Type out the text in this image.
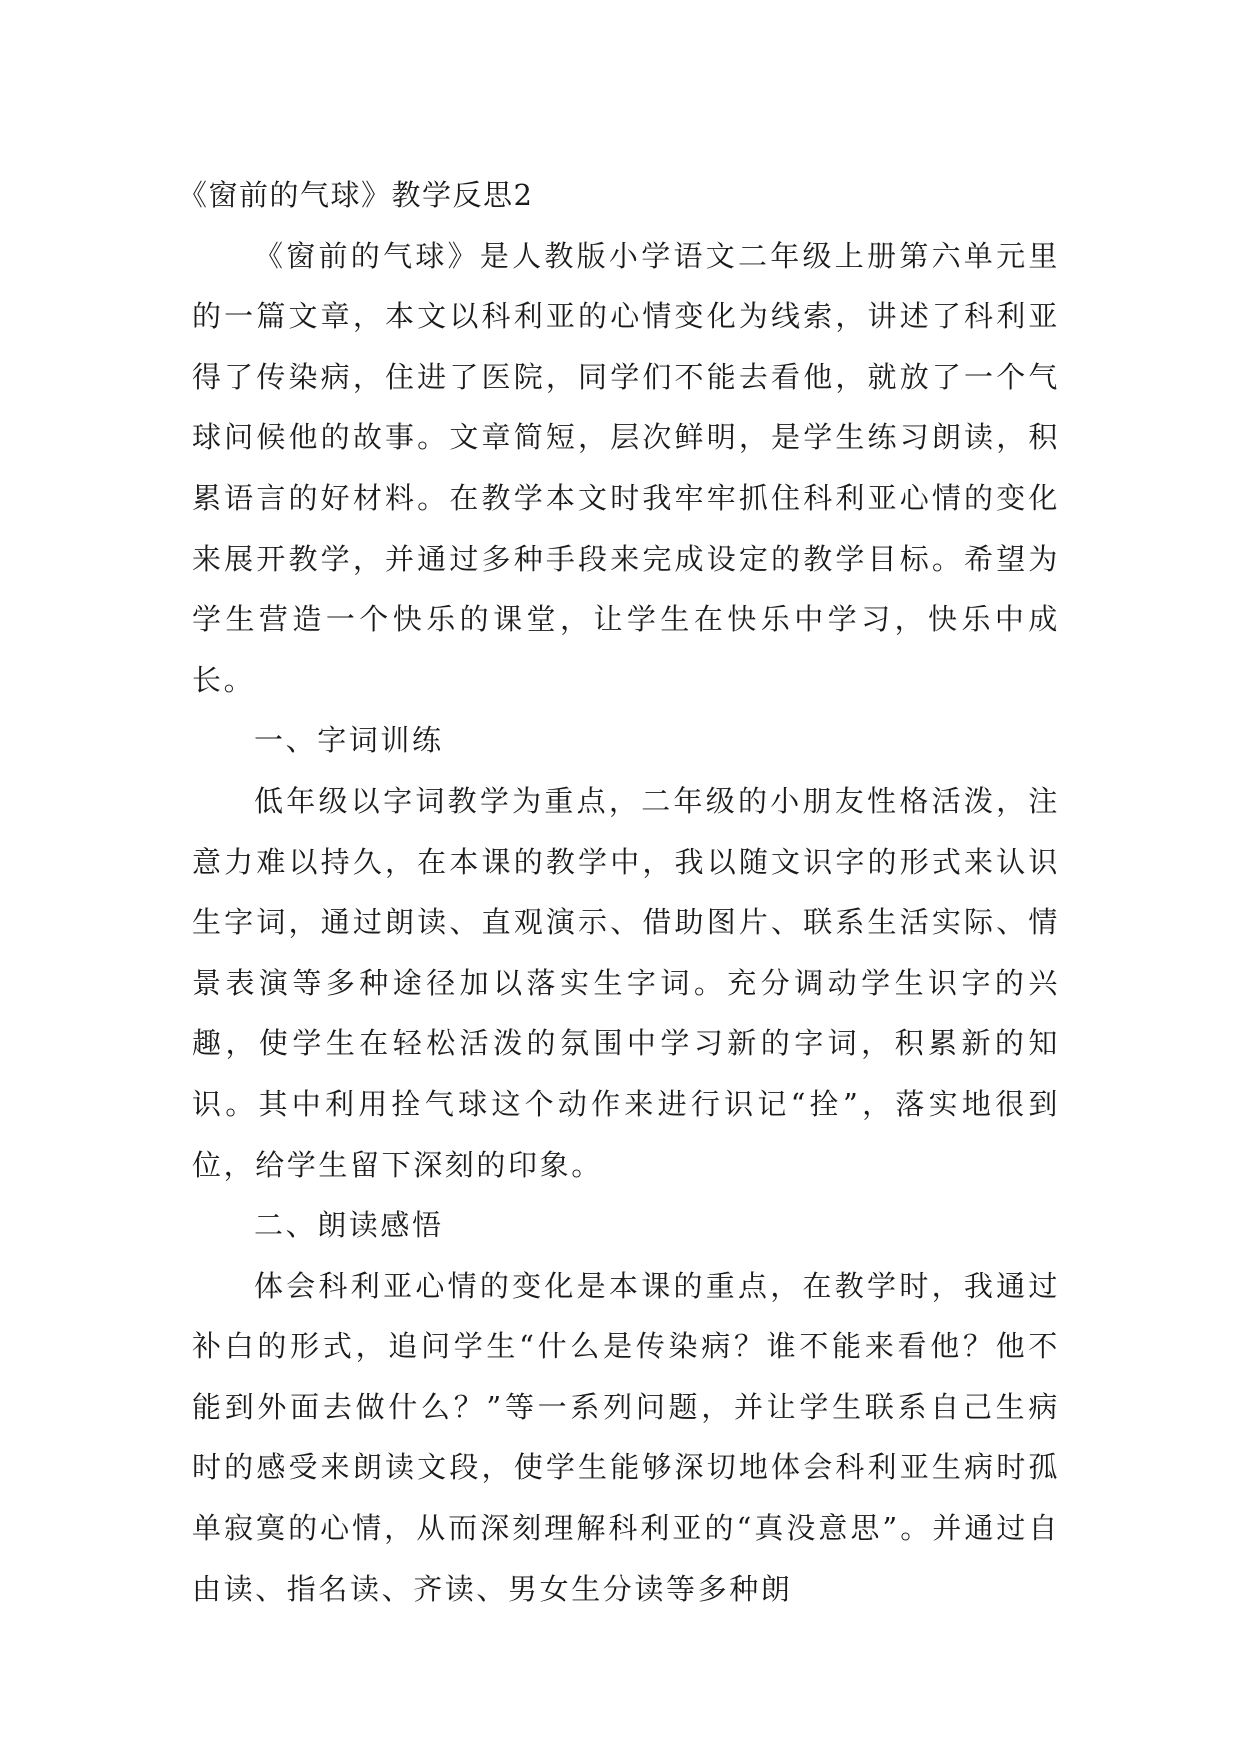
《窗前的气球》教学反思2

《窗前的气球》是人教版小学语文二年级上册第六单元里的一篇文章，本文以科利亚的心情变化为线索，讲述了科利亚得了传染病，住进了医院，同学们不能去看他，就放了一个气球问候他的故事。文章简短，层次鲜明，是学生练习朗读，积累语言的好材料。在教学本文时我牢牢抓住科利亚心情的变化来展开教学，并通过多种手段来完成设定的教学目标。希望为学生营造一个快乐的课堂，让学生在快乐中学习，快乐中成长。

一、字词训练

低年级以字词教学为重点，二年级的小朋友性格活泼，注意力难以持久，在本课的教学中，我以随文识字的形式来认识生字词，通过朗读、直观演示、借助图片、联系生活实际、情景表演等多种途径加以落实生字词。充分调动学生识字的兴趣，使学生在轻松活泼的氛围中学习新的字词，积累新的知识。其中利用拴气球这个动作来进行识记“拴”，落实地很到位，给学生留下深刻的印象。

二、朗读感悟

体会科利亚心情的变化是本课的重点，在教学时，我通过补白的形式，追问学生“什么是传染病？谁不能来看他？他不能到外面去做什么？”等一系列问题，并让学生联系自己生病时的感受来朗读文段，使学生能够深切地体会科利亚生病时孤单寂寞的心情，从而深刻理解科利亚的“真没意思”。并通过自由读、指名读、齐读、男女生分读等多种朗
